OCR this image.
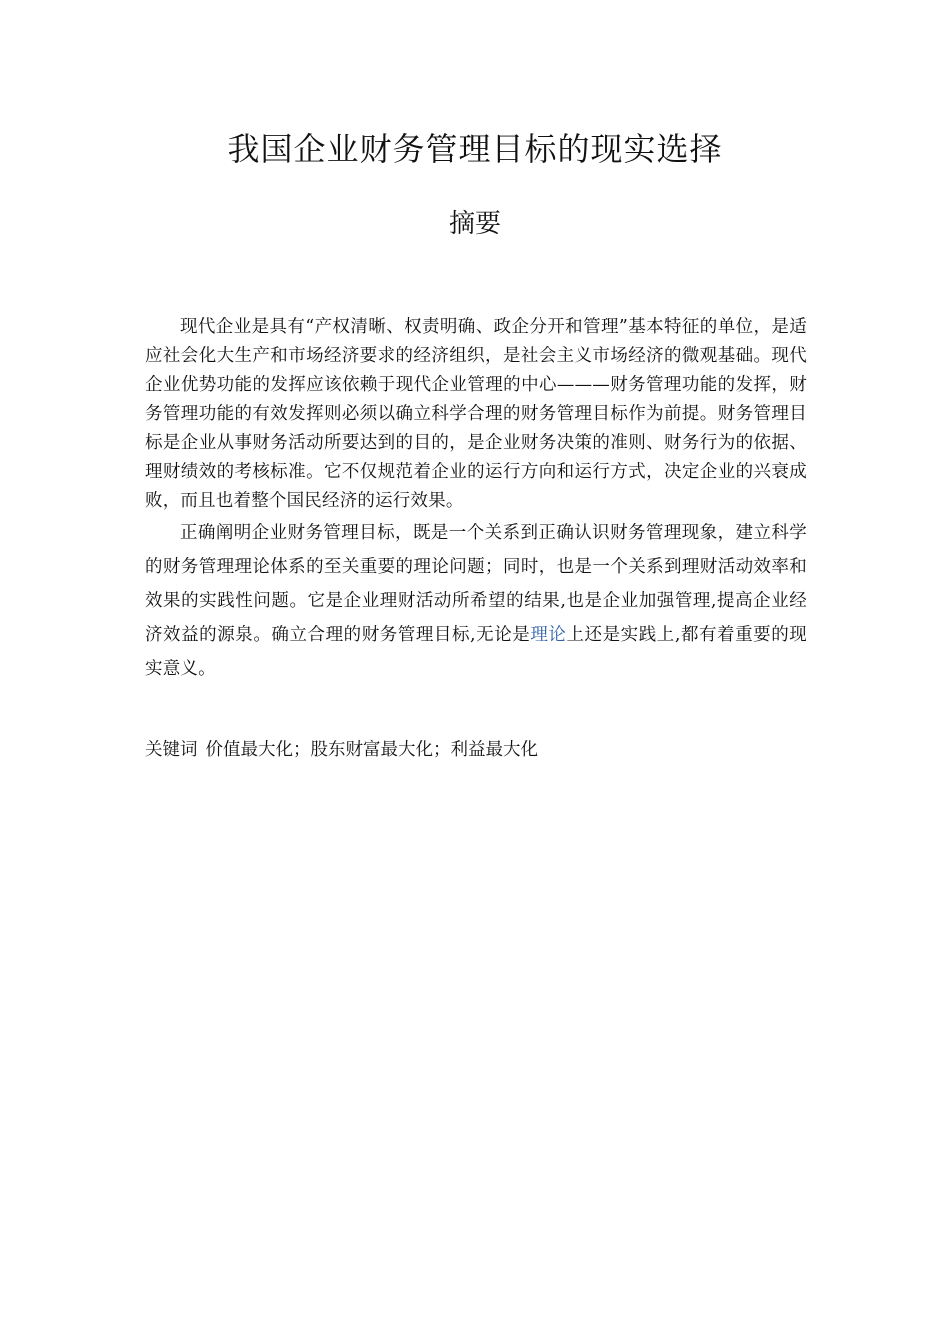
我国企业财务管理目标的现实选择
摘要

现代企业是具有“产权清晰、权责明确、政企分开和管理”基本特征的单位，是适应社会化大生产和市场经济要求的经济组织，是社会主义市场经济的微观基础。现代企业优势功能的发挥应该依赖于现代企业管理的中心———财务管理功能的发挥，财务管理功能的有效发挥则必须以确立科学合理的财务管理目标作为前提。财务管理目标是企业从事财务活动所要达到的目的，是企业财务决策的准则、财务行为的依据、理财绩效的考核标准。它不仅规范着企业的运行方向和运行方式，决定企业的兴衰成败，而且也着整个国民经济的运行效果。

正确阐明企业财务管理目标，既是一个关系到正确认识财务管理现象，建立科学的财务管理理论体系的至关重要的理论问题；同时，也是一个关系到理财活动效率和效果的实践性问题。它是企业理财活动所希望的结果,也是企业加强管理,提高企业经济效益的源泉。确立合理的财务管理目标,无论是理论上还是实践上,都有着重要的现实意义。

关键词 价值最大化；股东财富最大化；利益最大化
